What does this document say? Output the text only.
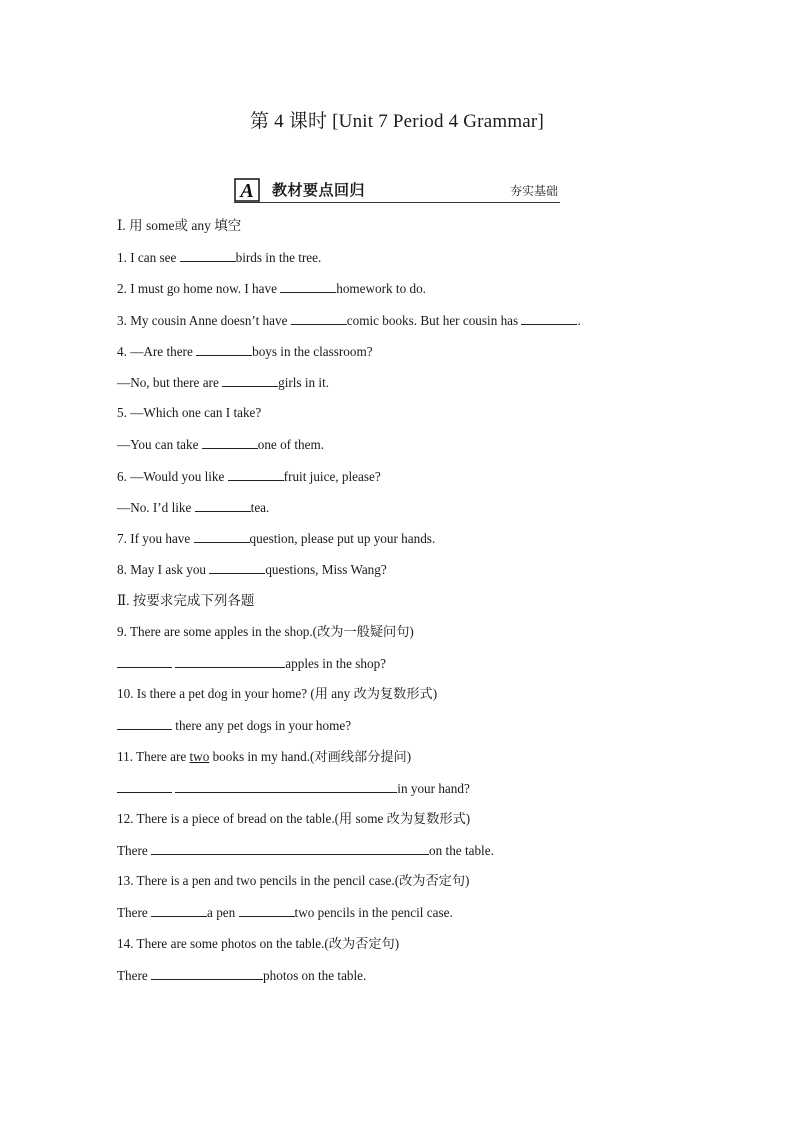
第 4 课时 [Unit 7 Period 4 Grammar]
A 教材要点回归	夯实基础
Ⅰ. 用 some或 any 填空
1. I can see	birds in the tree.
2. I must go home now. I have	homework to do.
3. My cousin Anne doesn’t have	comic books. But her cousin has	.
4. —Are there	boys in the classroom?
—No, but there are	girls in it.
5. —Which one can I take?
—You can take	one of them.
6. —Would you like	fruit juice, please?
—No. I’d like	tea.
7. If you have	question, please put up your hands.
8. May I ask you	questions, Miss Wang?
Ⅱ. 按要求完成下列各题
9. There are some apples in the shop.(改为一般疑问句)
apples in the shop?
10. Is there a pet dog in your home? (用 any 改为复数形式)
there any pet dogs in your home?
11. There are two books in my hand.(对画线部分提问)
in your hand?
12. There is a piece of bread on the table.(用 some 改为复数形式)
There	on the table.
13. There is a pen and two pencils in the pencil case.(改为否定句)
There	a pen	two pencils in the pencil case.
14. There are some photos on the table.(改为否定句)
There	photos on the table.
